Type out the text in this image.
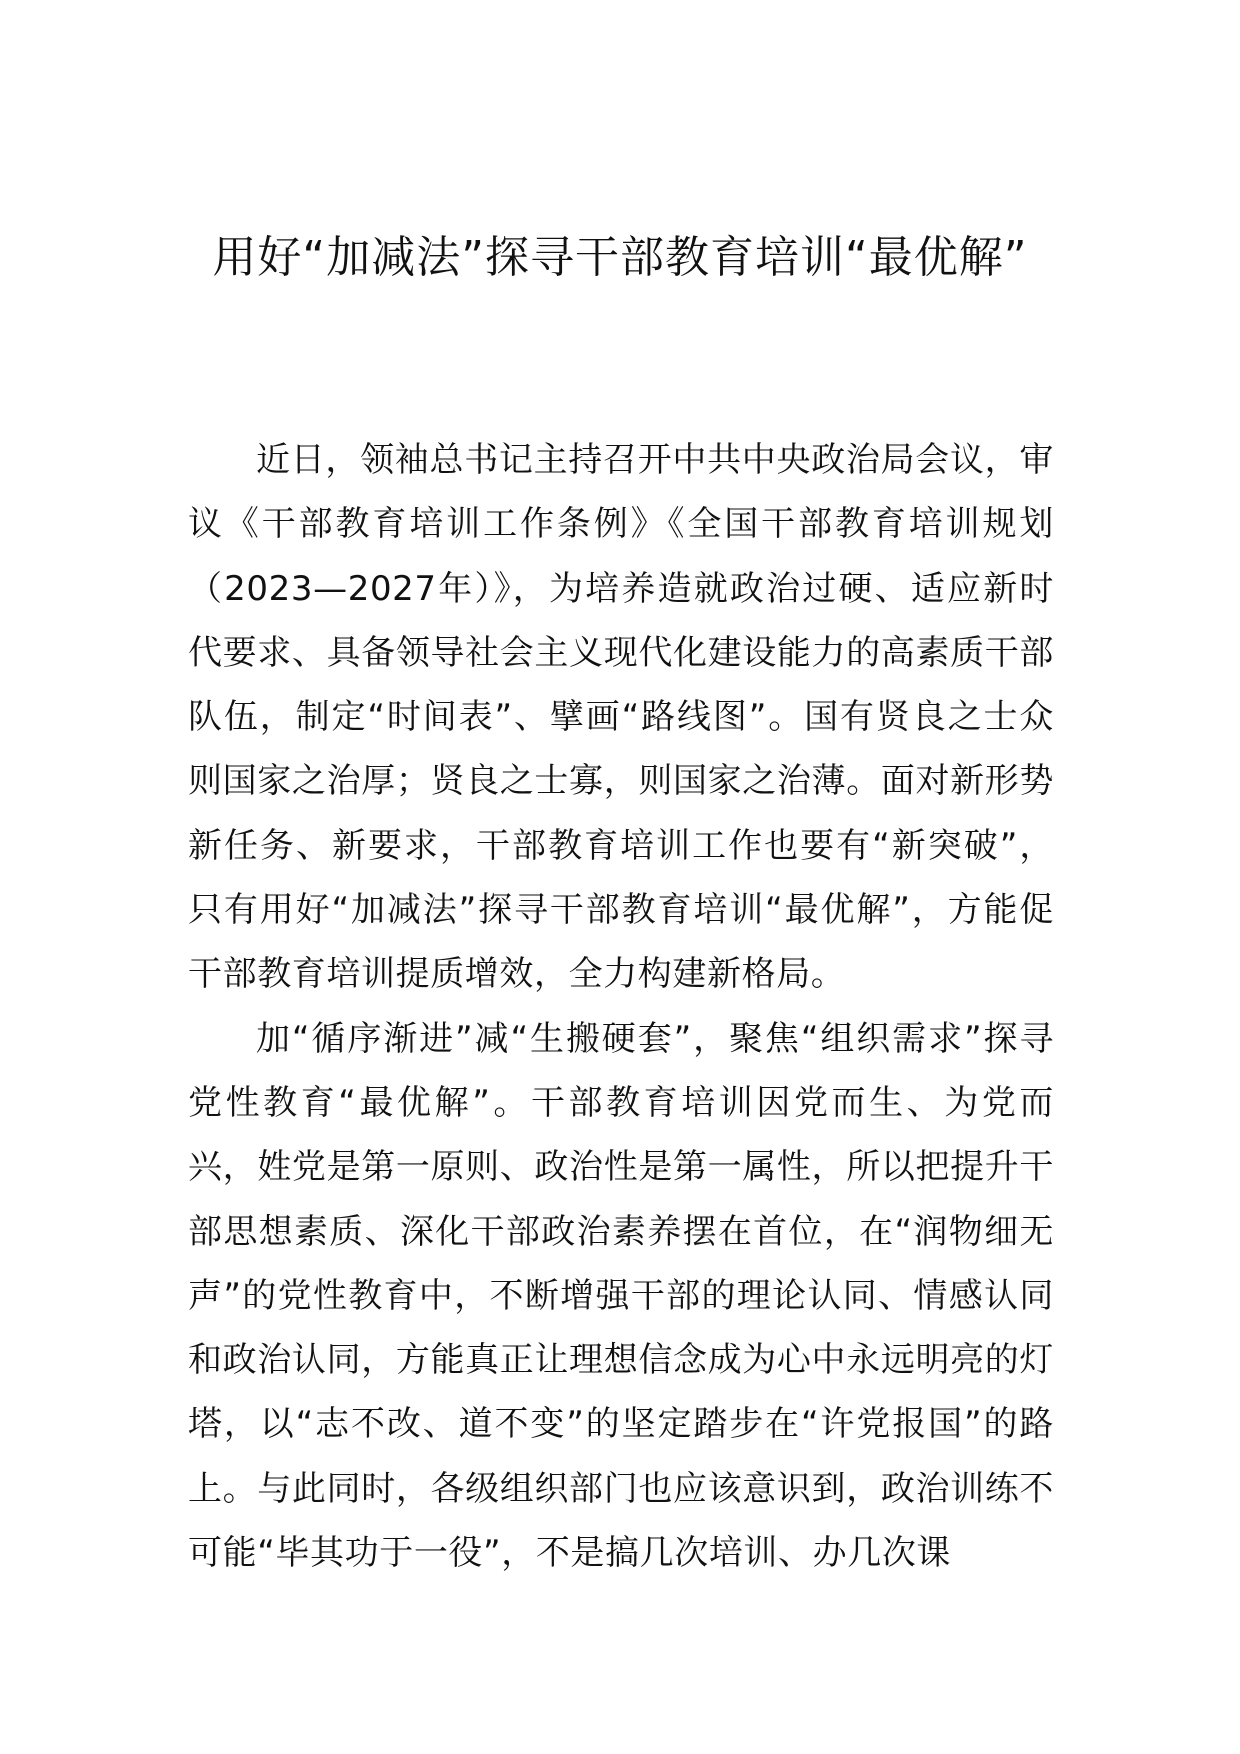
用好“加减法”探寻干部教育培训“最优解”

近日，领袖总书记主持召开中共中央政治局会议，审议《干部教育培训工作条例》《全国干部教育培训规划（2023—2027年）》，为培养造就政治过硬、适应新时代要求、具备领导社会主义现代化建设能力的高素质干部队伍，制定“时间表”、擘画“路线图”。国有贤良之士众则国家之治厚；贤良之士寡，则国家之治薄。面对新形势新任务、新要求，干部教育培训工作也要有“新突破”，只有用好“加减法”探寻干部教育培训“最优解”，方能促干部教育培训提质增效，全力构建新格局。

加“循序渐进”减“生搬硬套”，聚焦“组织需求”探寻党性教育“最优解”。干部教育培训因党而生、为党而兴，姓党是第一原则、政治性是第一属性，所以把提升干部思想素质、深化干部政治素养摆在首位，在“润物细无声”的党性教育中，不断增强干部的理论认同、情感认同和政治认同，方能真正让理想信念成为心中永远明亮的灯塔，以“志不改、道不变”的坚定踏步在“许党报国”的路上。与此同时，各级组织部门也应该意识到，政治训练不可能“毕其功于一役”，不是搞几次培训、办几次课
